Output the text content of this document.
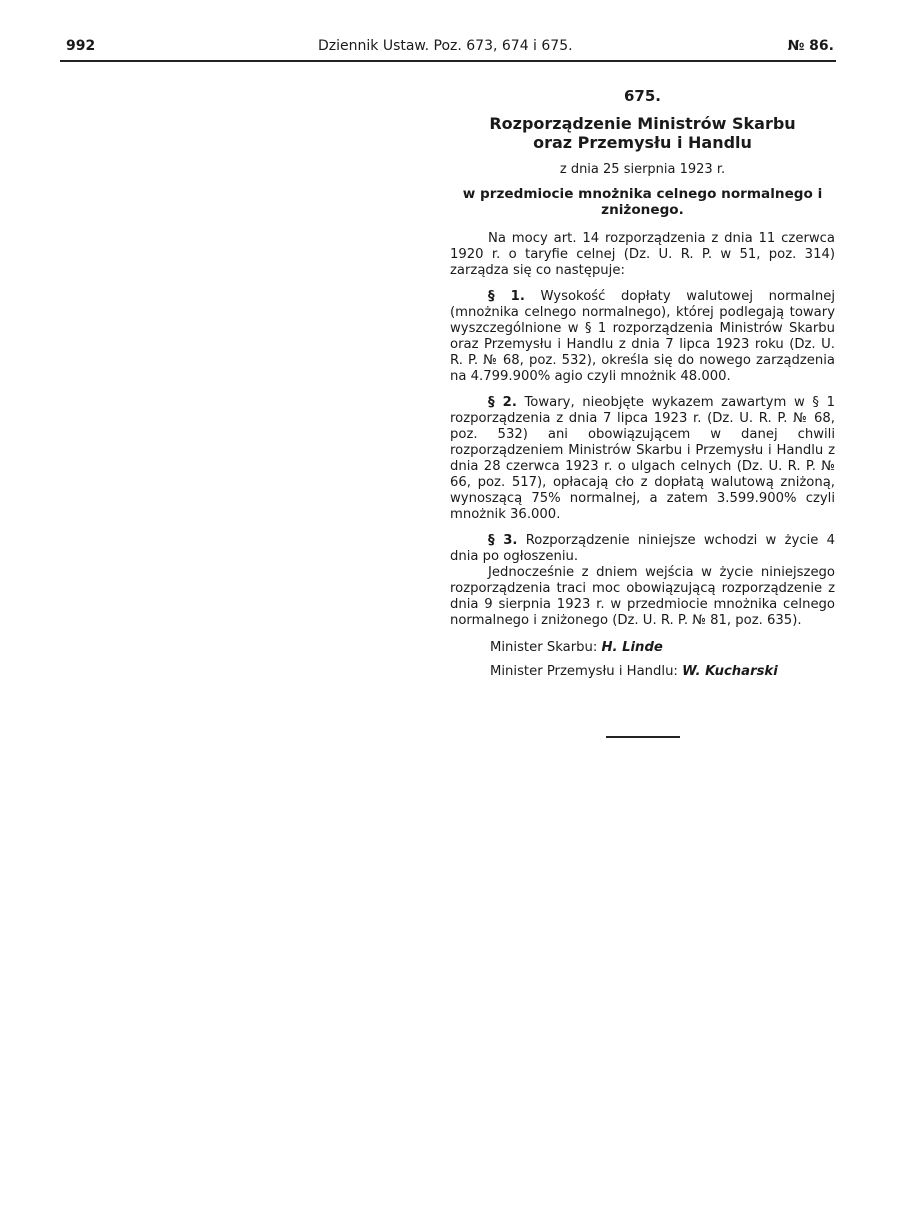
992	Dziennik Ustaw. Poz. 673, 674 i 675.	№ 86.
675.
Rozporządzenie Ministrów Skarbu
oraz Przemysłu i Handlu
z dnia 25 sierpnia 1923 r.
w przedmiocie mnożnika celnego normalnego i zniżonego.

Na mocy art. 14 rozporządzenia z dnia 11 czerwca 1920 r. o taryfie celnej (Dz. U. R. P. w 51, poz. 314) zarządza się co następuje:

§ 1. Wysokość dopłaty walutowej normalnej (mnożnika celnego normalnego), której podlegają towary wyszczególnione w § 1 rozporządzenia Ministrów Skarbu oraz Przemysłu i Handlu z dnia 7 lipca 1923 roku (Dz. U. R. P. № 68, poz. 532), określa się do nowego zarządzenia na 4.799.900% agio czyli mnożnik 48.000.

§ 2. Towary, nieobjęte wykazem zawartym w § 1 rozporządzenia z dnia 7 lipca 1923 r. (Dz. U. R. P. № 68, poz. 532) ani obowiązującem w danej chwili rozporządzeniem Ministrów Skarbu i Przemysłu i Handlu z dnia 28 czerwca 1923 r. o ulgach celnych (Dz. U. R. P. № 66, poz. 517), opłacają cło z dopłatą walutową zniżoną, wynoszącą 75% normalnej, a zatem 3.599.900% czyli mnożnik 36.000.

§ 3. Rozporządzenie niniejsze wchodzi w życie 4 dnia po ogłoszeniu.

Jednocześnie z dniem wejścia w życie niniejszego rozporządzenia traci moc obowiązującą rozporządzenie z dnia 9 sierpnia 1923 r. w przedmiocie mnożnika celnego normalnego i zniżonego (Dz. U. R. P. № 81, poz. 635).

Minister Skarbu: H. Linde
Minister Przemysłu i Handlu: W. Kucharski
